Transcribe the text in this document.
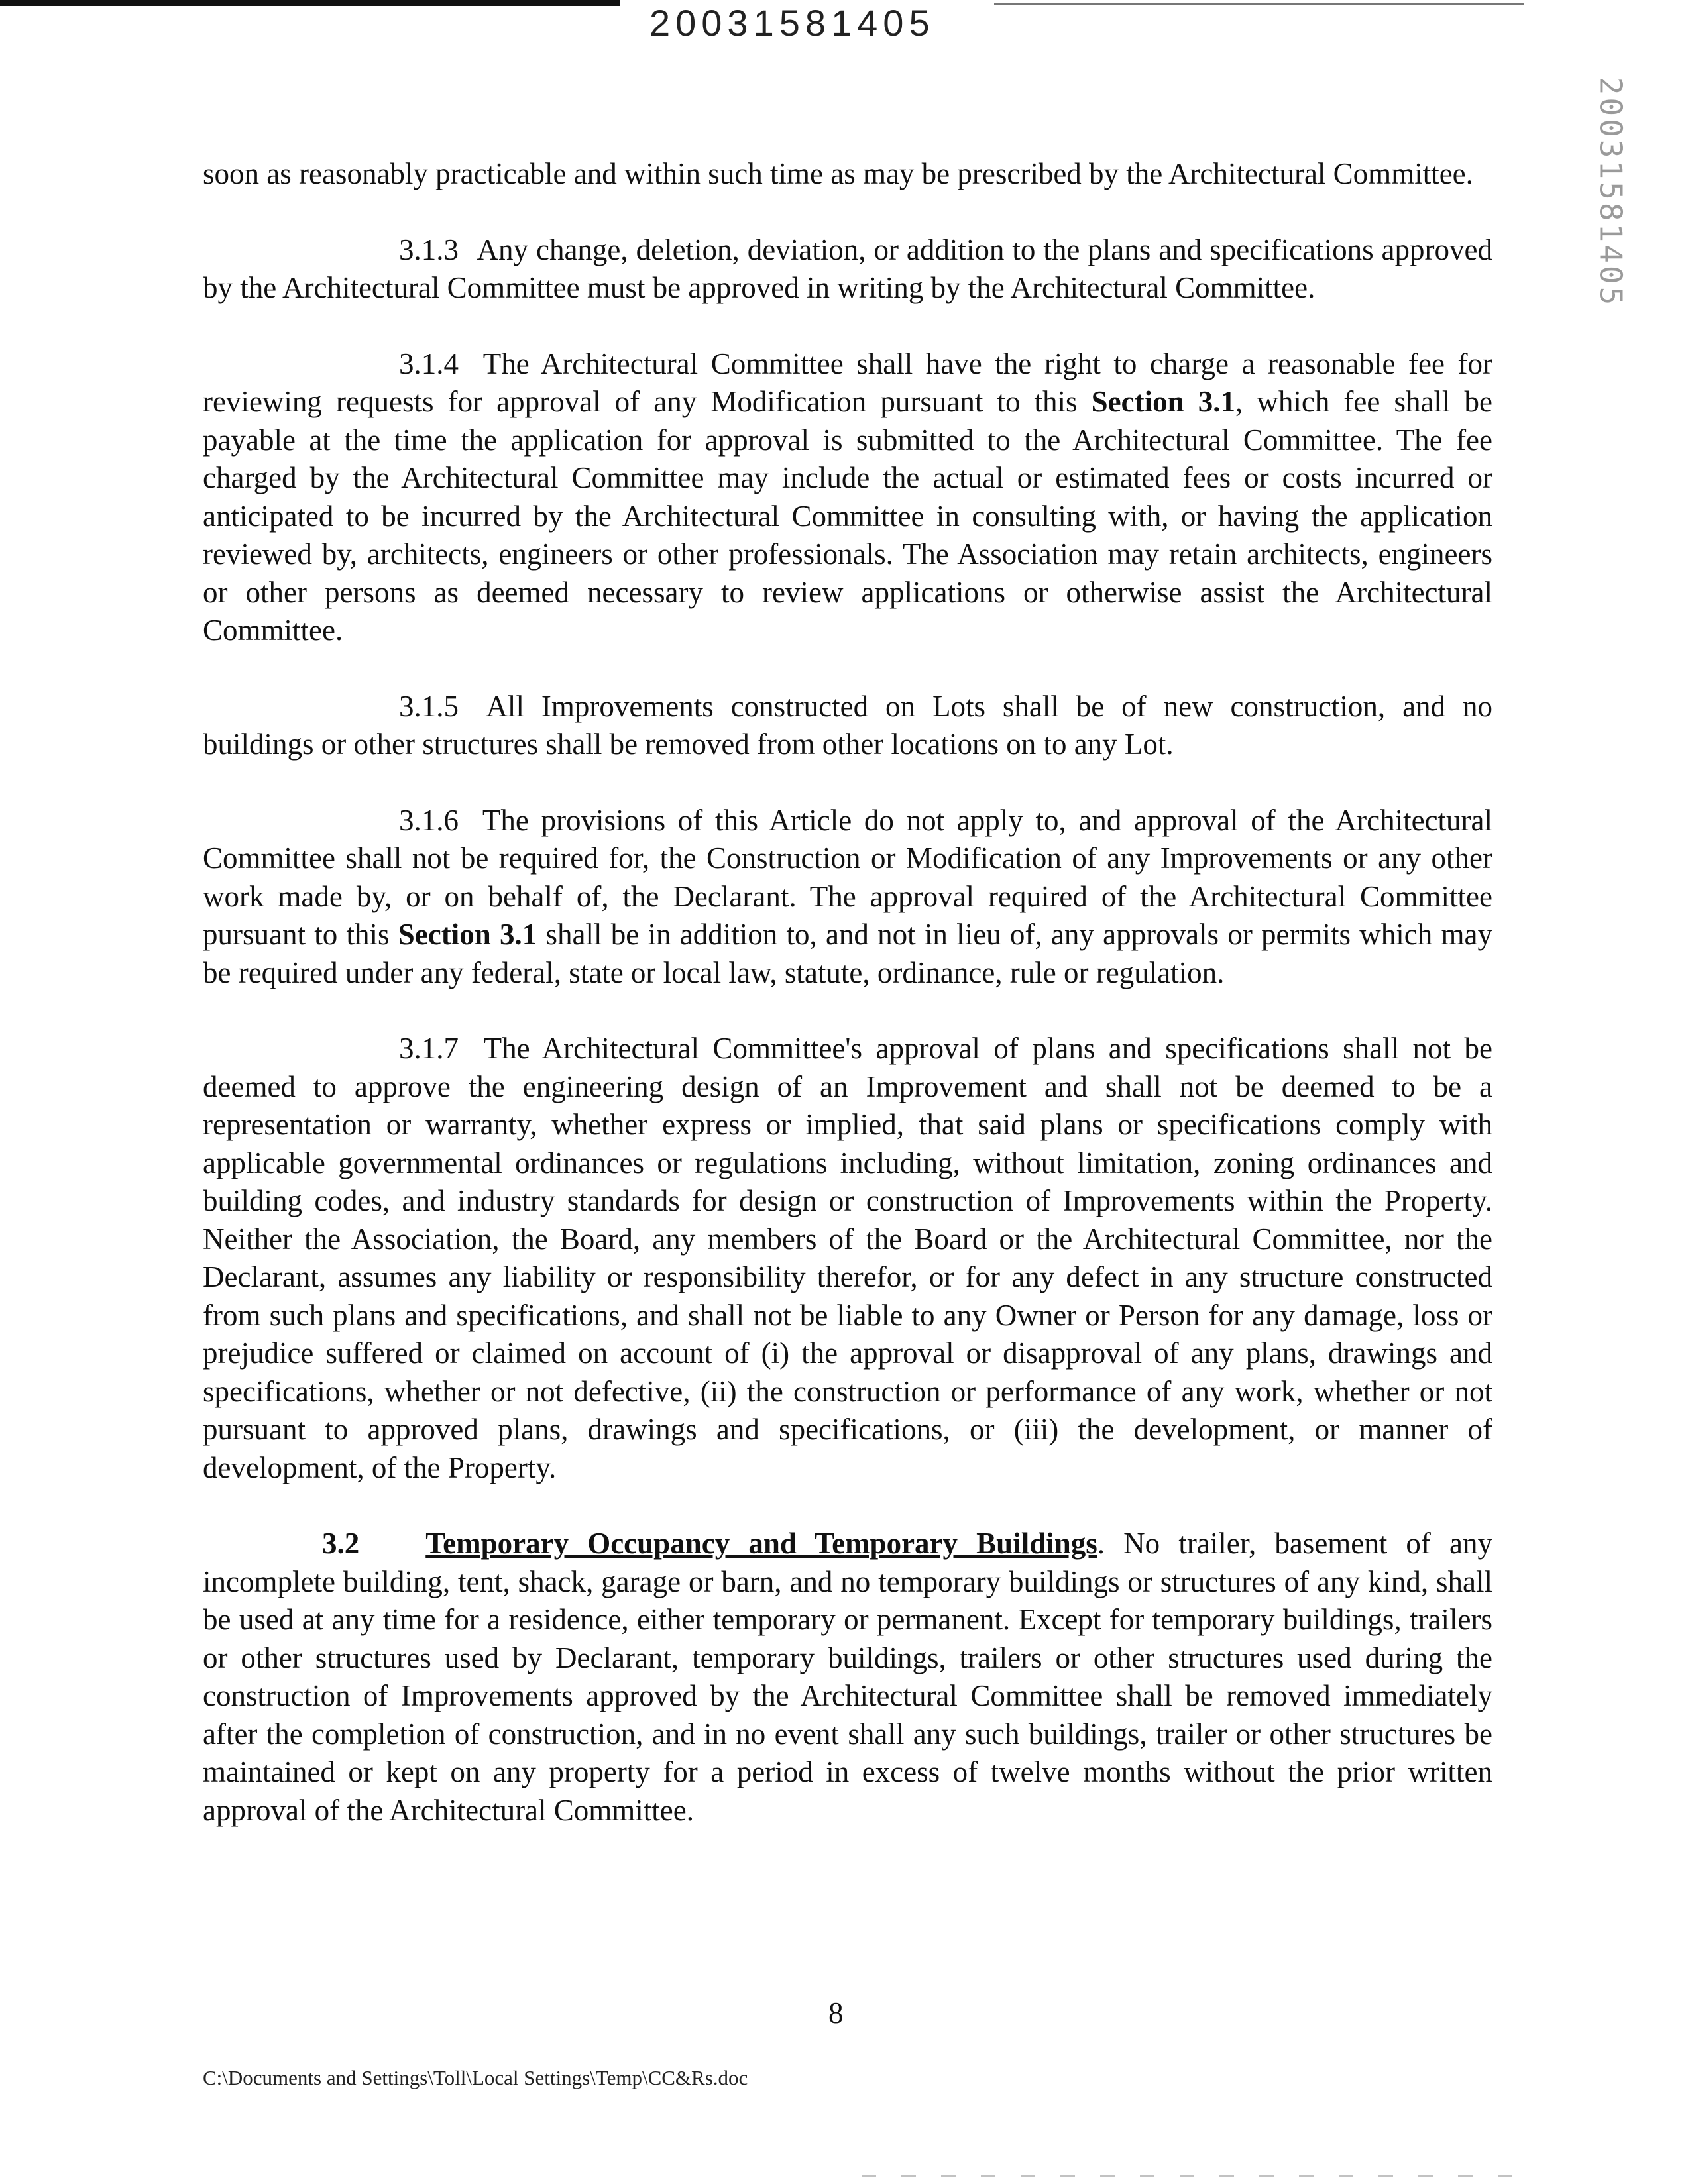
20031581405
20031581405

soon as reasonably practicable and within such time as may be prescribed by the Architectural Committee.

3.1.3 Any change, deletion, deviation, or addition to the plans and specifications approved by the Architectural Committee must be approved in writing by the Architectural Committee.

3.1.4 The Architectural Committee shall have the right to charge a reasonable fee for reviewing requests for approval of any Modification pursuant to this Section 3.1, which fee shall be payable at the time the application for approval is submitted to the Architectural Committee. The fee charged by the Architectural Committee may include the actual or estimated fees or costs incurred or anticipated to be incurred by the Architectural Committee in consulting with, or having the application reviewed by, architects, engineers or other professionals. The Association may retain architects, engineers or other persons as deemed necessary to review applications or otherwise assist the Architectural Committee.

3.1.5 All Improvements constructed on Lots shall be of new construction, and no buildings or other structures shall be removed from other locations on to any Lot.

3.1.6 The provisions of this Article do not apply to, and approval of the Architectural Committee shall not be required for, the Construction or Modification of any Improvements or any other work made by, or on behalf of, the Declarant. The approval required of the Architectural Committee pursuant to this Section 3.1 shall be in addition to, and not in lieu of, any approvals or permits which may be required under any federal, state or local law, statute, ordinance, rule or regulation.

3.1.7 The Architectural Committee's approval of plans and specifications shall not be deemed to approve the engineering design of an Improvement and shall not be deemed to be a representation or warranty, whether express or implied, that said plans or specifications comply with applicable governmental ordinances or regulations including, without limitation, zoning ordinances and building codes, and industry standards for design or construction of Improvements within the Property. Neither the Association, the Board, any members of the Board or the Architectural Committee, nor the Declarant, assumes any liability or responsibility therefor, or for any defect in any structure constructed from such plans and specifications, and shall not be liable to any Owner or Person for any damage, loss or prejudice suffered or claimed on account of (i) the approval or disapproval of any plans, drawings and specifications, whether or not defective, (ii) the construction or performance of any work, whether or not pursuant to approved plans, drawings and specifications, or (iii) the development, or manner of development, of the Property.

3.2 Temporary Occupancy and Temporary Buildings. No trailer, basement of any incomplete building, tent, shack, garage or barn, and no temporary buildings or structures of any kind, shall be used at any time for a residence, either temporary or permanent. Except for temporary buildings, trailers or other structures used by Declarant, temporary buildings, trailers or other structures used during the construction of Improvements approved by the Architectural Committee shall be removed immediately after the completion of construction, and in no event shall any such buildings, trailer or other structures be maintained or kept on any property for a period in excess of twelve months without the prior written approval of the Architectural Committee.

8
C:\Documents and Settings\Toll\Local Settings\Temp\CC&Rs.doc
